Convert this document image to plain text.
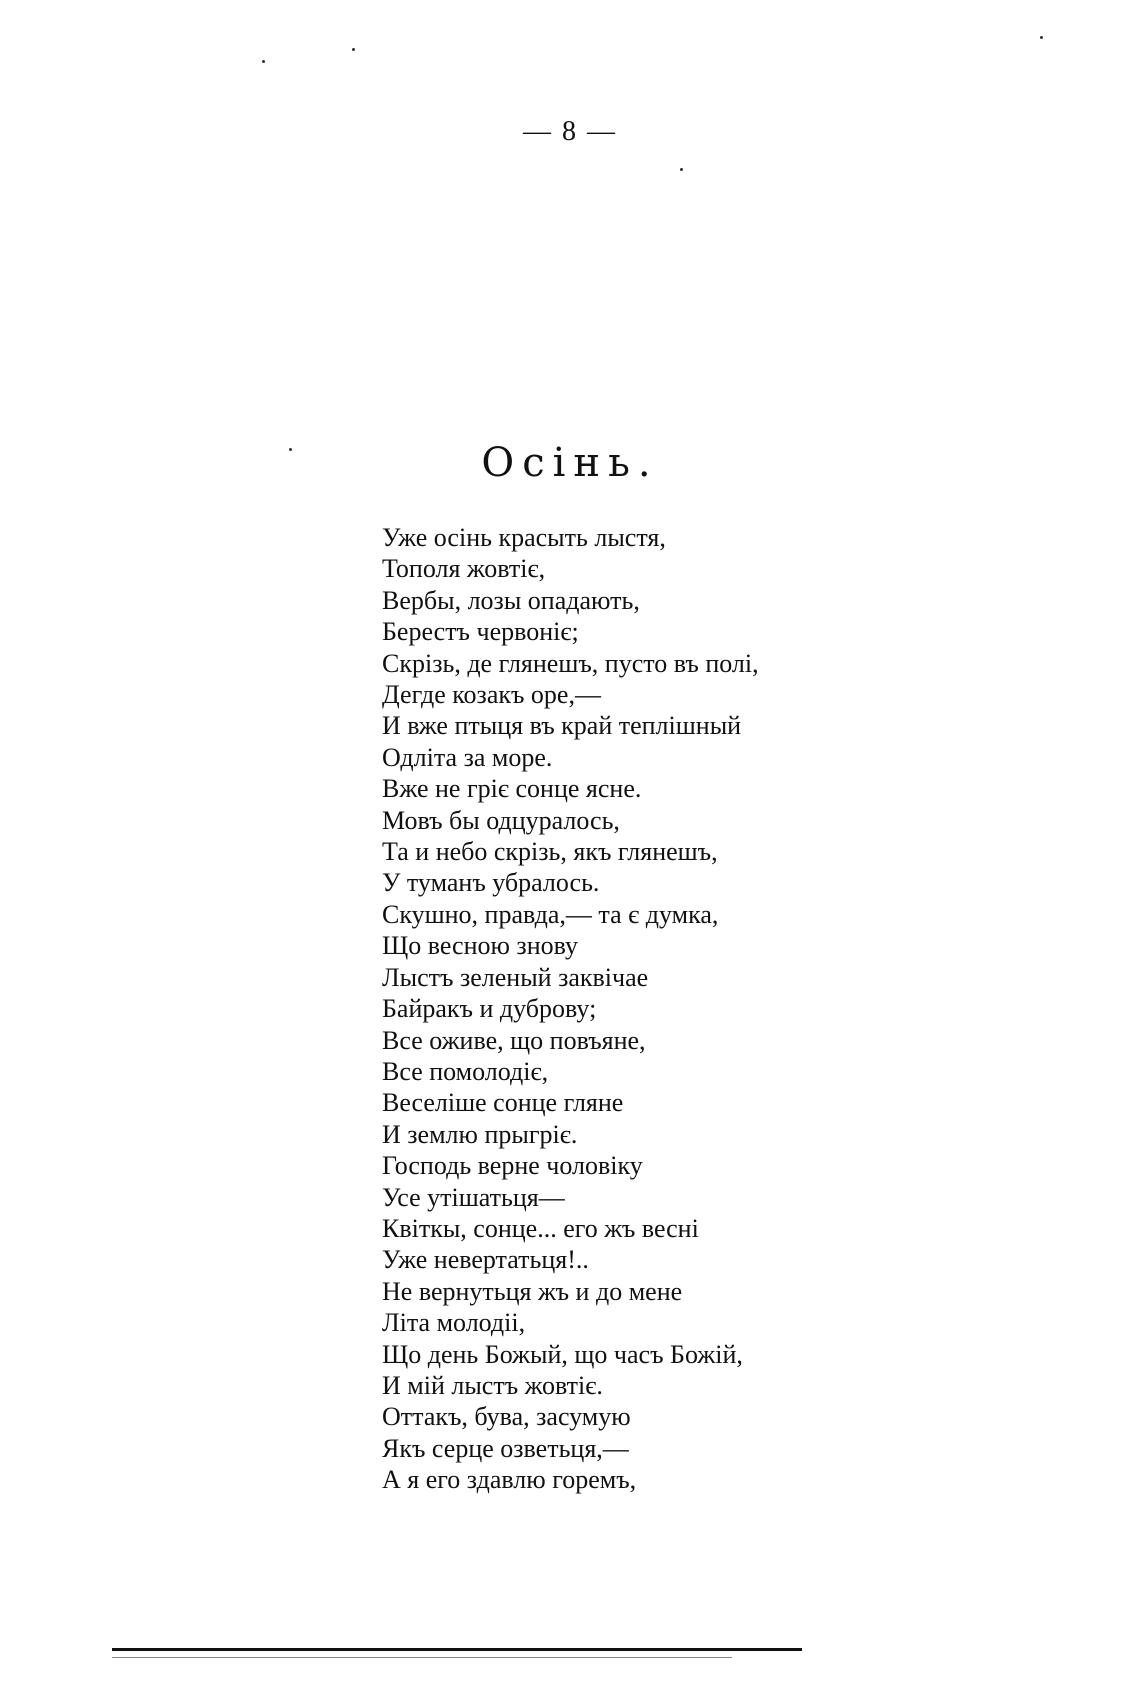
— 8 —
Осінь.
Уже осінь красыть лыстя,
Тополя жовтіє,
Вербы, лозы опадають,
Берестъ червоніє;
Скрізь, де глянешъ, пусто въ полі,
Дегде козакъ оре,—
И вже птыця въ край теплішный
Одліта за море.
Вже не гріє сонце ясне.
Мовъ бы одцуралось,
Та и небо скрізь, якъ глянешъ,
У туманъ убралось.
Скушно, правда,— та є думка,
Що весною знову
Лыстъ зеленый заквічае
Байракъ и дуброву;
Все оживе, що повъяне,
Все помолодіє,
Веселіше сонце гляне
И землю прыгріє.
Господь верне чоловіку
Усе утішатьця—
Квіткы, сонце... его жъ весні
Уже невертатьця!..
Не вернутьця жъ и до мене
Літа молодіі,
Що день Божый, що часъ Божій,
И мій лыстъ жовтіє.
Оттакъ, бува, засумую
Якъ серце озветьця,—
А я его здавлю горемъ,
